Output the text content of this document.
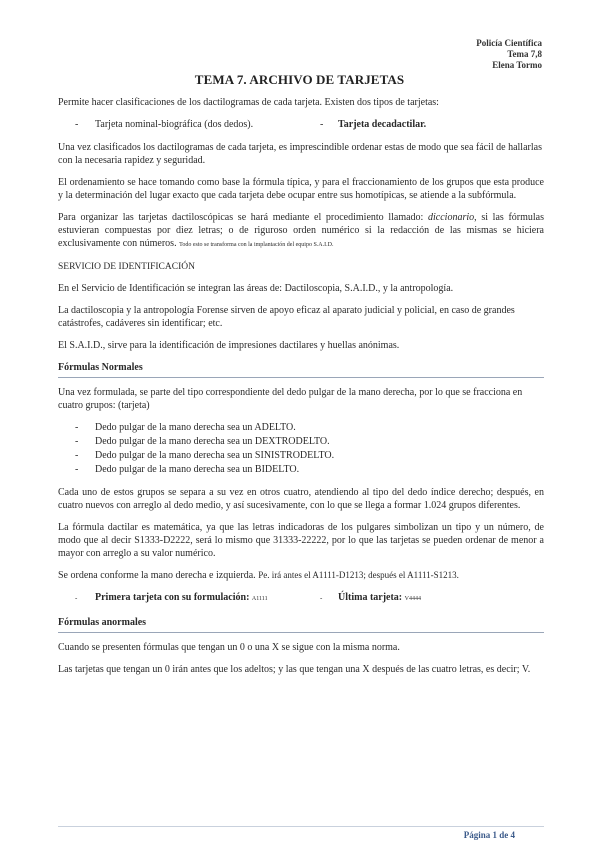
Policía Científica
Tema 7,8
Elena Tormo
TEMA 7. ARCHIVO DE TARJETAS

Permite hacer clasificaciones de los dactilogramas de cada tarjeta. Existen dos tipos de tarjetas:

-	Tarjeta nominal-biográfica (dos dedos).	-	Tarjeta decadactilar.

Una vez clasificados los dactilogramas de cada tarjeta, es imprescindible ordenar estas de modo que sea fácil de hallarlas con la necesaria rapidez y seguridad.

El ordenamiento se hace tomando como base la fórmula típica, y para el fraccionamiento de los grupos que esta produce y la determinación del lugar exacto que cada tarjeta debe ocupar entre sus homotípicas, se atiende a la subfórmula.

Para organizar las tarjetas dactiloscópicas se hará mediante el procedimiento llamado: diccionario, si las fórmulas estuvieran compuestas por diez letras; o de riguroso orden numérico si la redacción de las mismas se hiciera exclusivamente con números. Todo esto se transforma con la implantación del equipo S.A.I.D.

SERVICIO DE IDENTIFICACIÓN

En el Servicio de Identificación se integran las áreas de: Dactiloscopia, S.A.I.D., y la antropología.

La dactiloscopia y la antropología Forense sirven de apoyo eficaz al aparato judicial y policial, en caso de grandes catástrofes, cadáveres sin identificar; etc.

El S.A.I.D., sirve para la identificación de impresiones dactilares y huellas anónimas.

Fórmulas Normales

Una vez formulada, se parte del tipo correspondiente del dedo pulgar de la mano derecha, por lo que se fracciona en cuatro grupos: (tarjeta)

-	Dedo pulgar de la mano derecha sea un ADELTO.
-	Dedo pulgar de la mano derecha sea un DEXTRODELTO.
-	Dedo pulgar de la mano derecha sea un SINISTRODELTO.
-	Dedo pulgar de la mano derecha sea un BIDELTO.

Cada uno de estos grupos se separa a su vez en otros cuatro, atendiendo al tipo del dedo índice derecho; después, en cuatro nuevos con arreglo al dedo medio, y así sucesivamente, con lo que se llega a formar 1.024 grupos diferentes.

La fórmula dactilar es matemática, ya que las letras indicadoras de los pulgares simbolizan un tipo y un número, de modo que al decir S1333-D2222, será lo mismo que 31333-22222, por lo que las tarjetas se pueden ordenar de menor a mayor con arreglo a su valor numérico.

Se ordena conforme la mano derecha e izquierda. Pe. irá antes el A1111-D1213; después el A1111-S1213.

-	Primera tarjeta con su formulación:
A1111	-	Última tarjeta:
V4444
Fórmulas anormales

Cuando se presenten fórmulas que tengan un 0 o una X se sigue con la misma norma.

Las tarjetas que tengan un 0 irán antes que los adeltos; y las que tengan una X después de las cuatro letras, es decir; V.

Página 1 de 4
